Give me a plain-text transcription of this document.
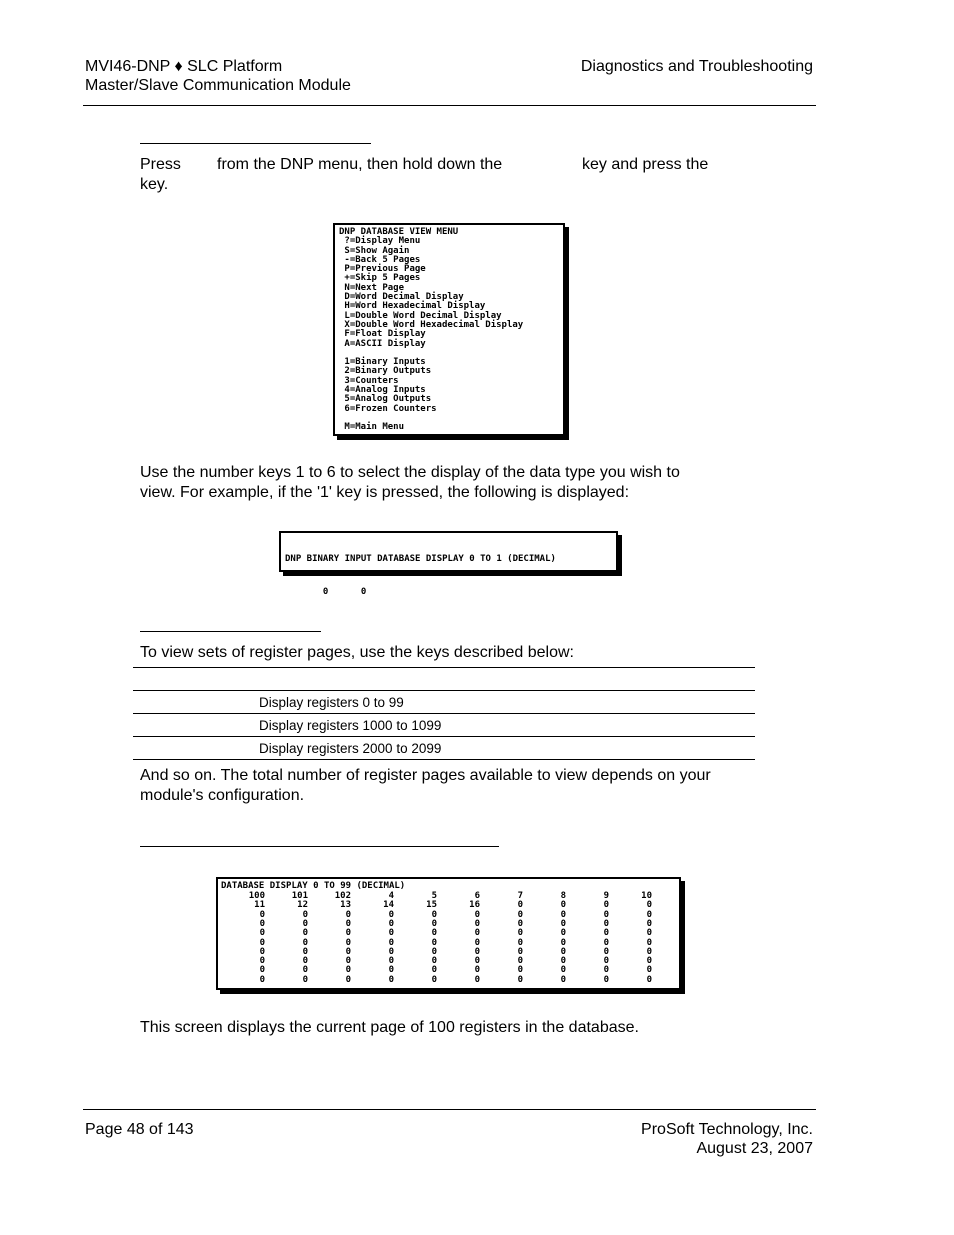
MVI46-DNP ♦ SLC Platform
Master/Slave Communication Module
Diagnostics and Troubleshooting
Press from the DNP menu, then hold down the	key and press the
key.
DNP DATABASE VIEW MENU
?=Display Menu
S=Show Again
-=Back 5 Pages
P=Previous Page
+=Skip 5 Pages
N=Next Page
D=Word Decimal Display
H=Word Hexadecimal Display
L=Double Word Decimal Display
X=Double Word Hexadecimal Display
F=Float Display
A=ASCII Display
1=Binary Inputs
2=Binary Outputs
3=Counters
4=Analog Inputs
5=Analog Outputs
6=Frozen Counters
M=Main Menu
Use the number keys 1 to 6 to select the display of the data type you wish to
view. For example, if the '1' key is pressed, the following is displayed:

DNP BINARY INPUT DATABASE DISPLAY 0 TO 1 (DECIMAL)

0      0

To view sets of register pages, use the keys described below:

	Display registers 0 to 99
	Display registers 1000 to 1099
	Display registers 2000 to 2099
And so on. The total number of register pages available to view depends on your
module's configuration.
DATABASE DISPLAY 0 TO 99 (DECIMAL)
100	101	102	4	5	6	7	8	9	10
11	12	13	14	15	16	0	0	0	0
0	0	0	0	0	0	0	0	0	0
0	0	0	0	0	0	0	0	0	0
0	0	0	0	0	0	0	0	0	0
0	0	0	0	0	0	0	0	0	0
0	0	0	0	0	0	0	0	0	0
0	0	0	0	0	0	0	0	0	0
0	0	0	0	0	0	0	0	0	0
0	0	0	0	0	0	0	0	0	0
This screen displays the current page of 100 registers in the database.
Page 48 of 143	ProSoft Technology, Inc.
August 23, 2007
